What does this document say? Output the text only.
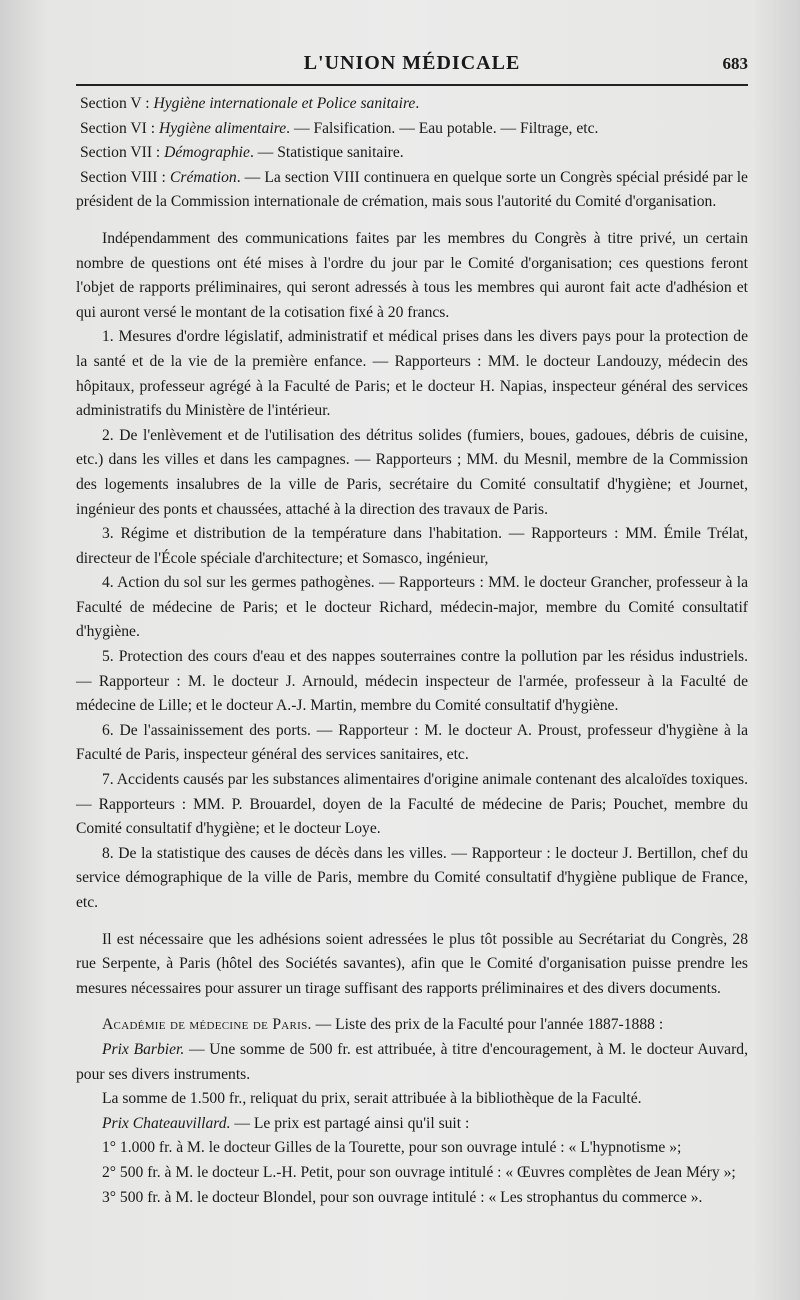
L'UNION MÉDICALE	683

Section V : Hygiène internationale et Police sanitaire.

Section VI : Hygiène alimentaire. — Falsification. — Eau potable. — Filtrage, etc.

Section VII : Démographie. — Statistique sanitaire.

Section VIII : Crémation. — La section VIII continuera en quelque sorte un Congrès spécial présidé par le président de la Commission internationale de crémation, mais sous l'autorité du Comité d'organisation.

Indépendamment des communications faites par les membres du Congrès à titre privé, un certain nombre de questions ont été mises à l'ordre du jour par le Comité d'organisation; ces questions feront l'objet de rapports préliminaires, qui seront adressés à tous les membres qui auront fait acte d'adhésion et qui auront versé le montant de la cotisation fixé à 20 francs.

1. Mesures d'ordre législatif, administratif et médical prises dans les divers pays pour la protection de la santé et de la vie de la première enfance. — Rapporteurs : MM. le docteur Landouzy, médecin des hôpitaux, professeur agrégé à la Faculté de Paris; et le docteur H. Napias, inspecteur général des services administratifs du Ministère de l'intérieur.

2. De l'enlèvement et de l'utilisation des détritus solides (fumiers, boues, gadoues, débris de cuisine, etc.) dans les villes et dans les campagnes. — Rapporteurs ; MM. du Mesnil, membre de la Commission des logements insalubres de la ville de Paris, secrétaire du Comité consultatif d'hygiène; et Journet, ingénieur des ponts et chaussées, attaché à la direction des travaux de Paris.

3. Régime et distribution de la température dans l'habitation. — Rapporteurs : MM. Émile Trélat, directeur de l'École spéciale d'architecture; et Somasco, ingénieur,

4. Action du sol sur les germes pathogènes. — Rapporteurs : MM. le docteur Grancher, professeur à la Faculté de médecine de Paris; et le docteur Richard, médecin-major, membre du Comité consultatif d'hygiène.

5. Protection des cours d'eau et des nappes souterraines contre la pollution par les résidus industriels. — Rapporteur : M. le docteur J. Arnould, médecin inspecteur de l'armée, professeur à la Faculté de médecine de Lille; et le docteur A.-J. Martin, membre du Comité consultatif d'hygiène.

6. De l'assainissement des ports. — Rapporteur : M. le docteur A. Proust, professeur d'hygiène à la Faculté de Paris, inspecteur général des services sanitaires, etc.

7. Accidents causés par les substances alimentaires d'origine animale contenant des alcaloïdes toxiques. — Rapporteurs : MM. P. Brouardel, doyen de la Faculté de médecine de Paris; Pouchet, membre du Comité consultatif d'hygiène; et le docteur Loye.

8. De la statistique des causes de décès dans les villes. — Rapporteur : le docteur J. Bertillon, chef du service démographique de la ville de Paris, membre du Comité consultatif d'hygiène publique de France, etc.

Il est nécessaire que les adhésions soient adressées le plus tôt possible au Secrétariat du Congrès, 28 rue Serpente, à Paris (hôtel des Sociétés savantes), afin que le Comité d'organisation puisse prendre les mesures nécessaires pour assurer un tirage suffisant des rapports préliminaires et des divers documents.

Académie de médecine de Paris. — Liste des prix de la Faculté pour l'année 1887-1888 :

Prix Barbier. — Une somme de 500 fr. est attribuée, à titre d'encouragement, à M. le docteur Auvard, pour ses divers instruments.

La somme de 1.500 fr., reliquat du prix, serait attribuée à la bibliothèque de la Faculté.

Prix Chateauvillard. — Le prix est partagé ainsi qu'il suit :

1° 1.000 fr. à M. le docteur Gilles de la Tourette, pour son ouvrage intulé : « L'hypnotisme »;

2° 500 fr. à M. le docteur L.-H. Petit, pour son ouvrage intitulé : « Œuvres complètes de Jean Méry »;

3° 500 fr. à M. le docteur Blondel, pour son ouvrage intitulé : « Les strophantus du commerce ».
